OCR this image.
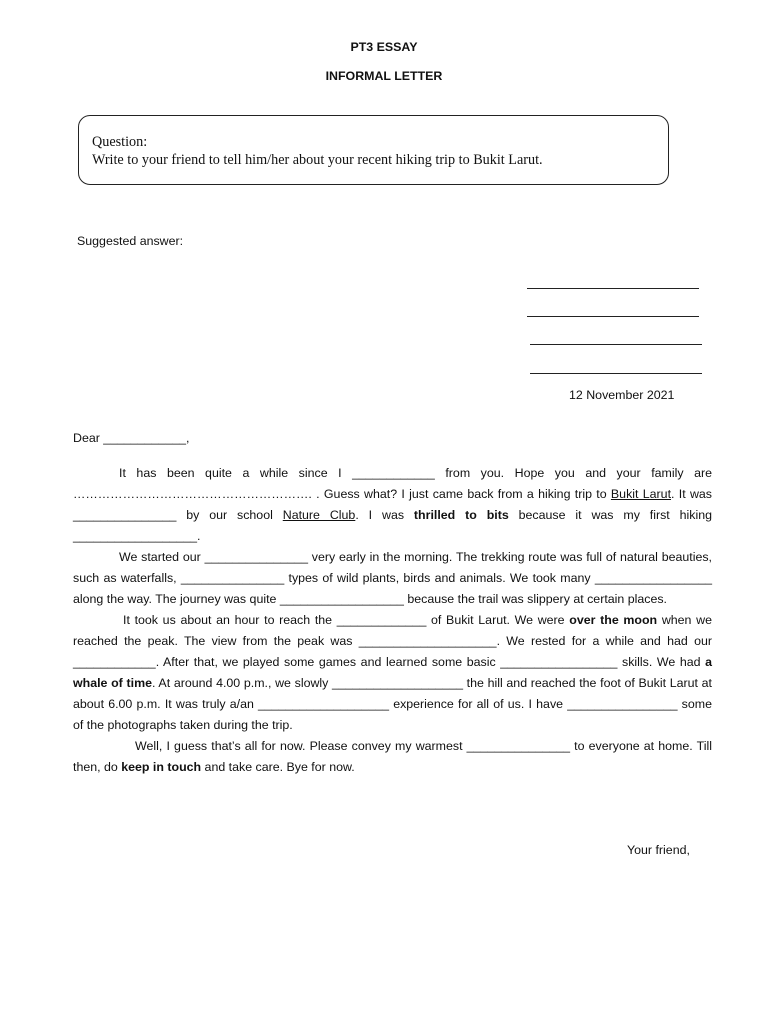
PT3 ESSAY
INFORMAL LETTER
Question:
Write to your friend to tell him/her about your recent hiking trip to Bukit Larut.
Suggested answer:
12 November 2021
Dear ____________,

It has been quite a while since I ____________ from you. Hope you and your family are …………………………………………………. . Guess what? I just came back from a hiking trip to Bukit Larut. It was _______________ by our school Nature Club. I was thrilled to bits because it was my first hiking __________________.

We started our _______________ very early in the morning. The trekking route was full of natural beauties, such as waterfalls, _______________ types of wild plants, birds and animals. We took many _________________ along the way. The journey was quite __________________ because the trail was slippery at certain places.

It took us about an hour to reach the _____________ of Bukit Larut. We were over the moon when we reached the peak. The view from the peak was ____________________. We rested for a while and had our ____________. After that, we played some games and learned some basic _________________ skills. We had a whale of time. At around 4.00 p.m., we slowly ___________________ the hill and reached the foot of Bukit Larut at about 6.00 p.m. It was truly a/an ___________________ experience for all of us. I have ________________ some of the photographs taken during the trip.

Well, I guess that’s all for now. Please convey my warmest _______________ to everyone at home. Till then, do keep in touch and take care. Bye for now.

Your friend,
